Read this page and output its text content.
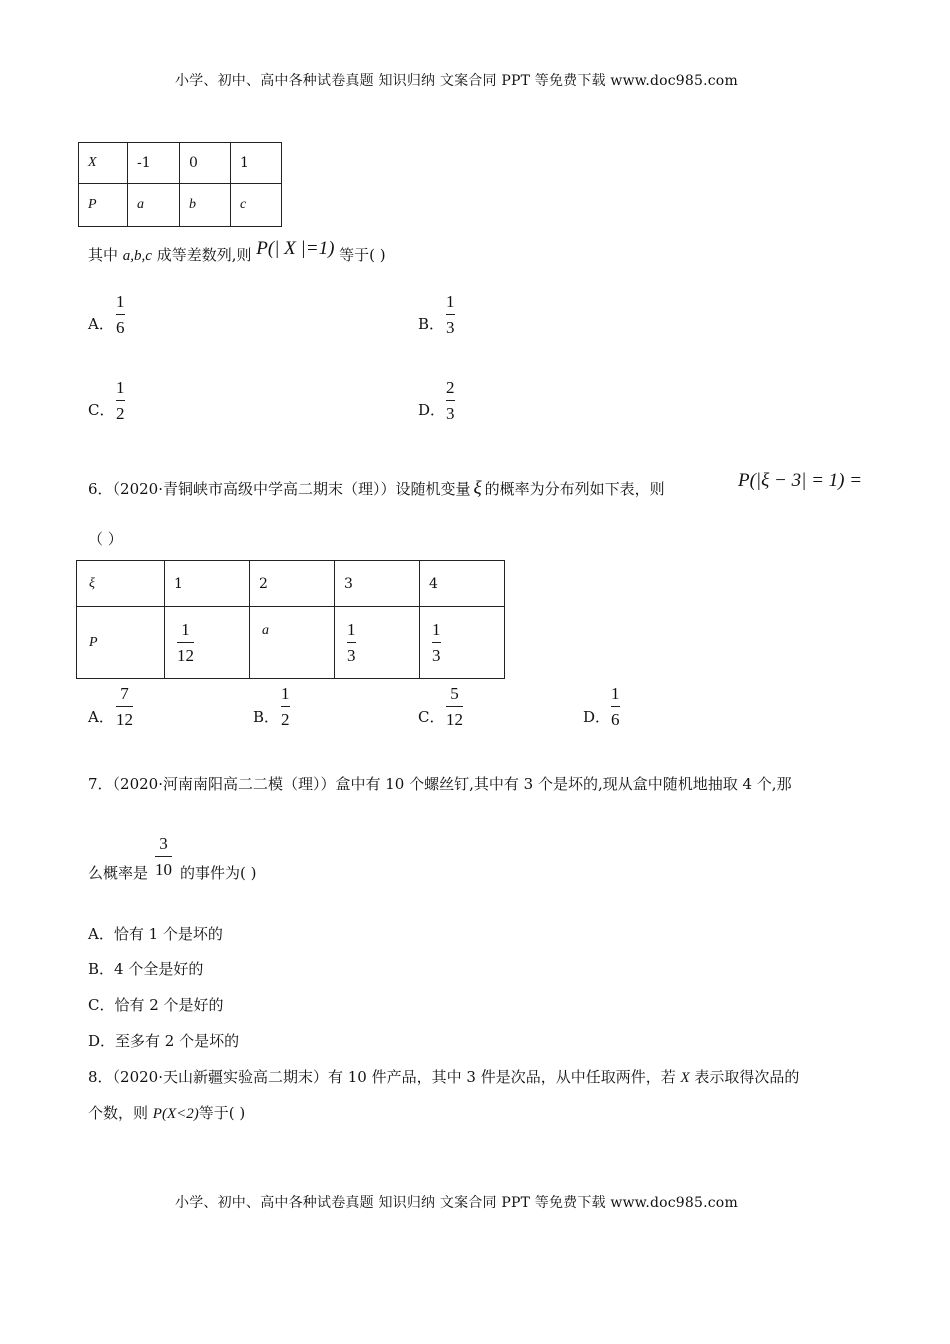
小学、初中、高中各种试卷真题 知识归纳 文案合同 PPT 等免费下载 www.doc985.com
X	-1	0	1
P	a	b	c
其中 a,b,c 成等差数列,则 P(| X |=1) 等于( )
A．
1
6	B．
1
3
C．
1
2	D．
2
3
6．（2020·青铜峡市高级中学高二期末（理））设随机变量 ξ 的概率为分布列如下表，则	P(|ξ − 3| = 1) =
（ ）
ξ	1	2	3	4
P	$\frac{1}{12}$	a	$\frac{1}{3}$	$\frac{1}{3}$
A．
7
12	B．
1
2	C．
5
12	D．
1
6
7．（2020·河南南阳高二二模（理））盒中有 10 个螺丝钉,其中有 3 个是坏的,现从盒中随机地抽取 4 个,那
么概率是
3
10 的事件为( )
A．恰有 1 个是坏的
B．4 个全是好的
C．恰有 2 个是好的
D．至多有 2 个是坏的
8．（2020·天山新疆实验高二期末）有 10 件产品，其中 3 件是次品，从中任取两件，若 X 表示取得次品的
个数，则 P(X<2)等于( )
小学、初中、高中各种试卷真题 知识归纳 文案合同 PPT 等免费下载 www.doc985.com
